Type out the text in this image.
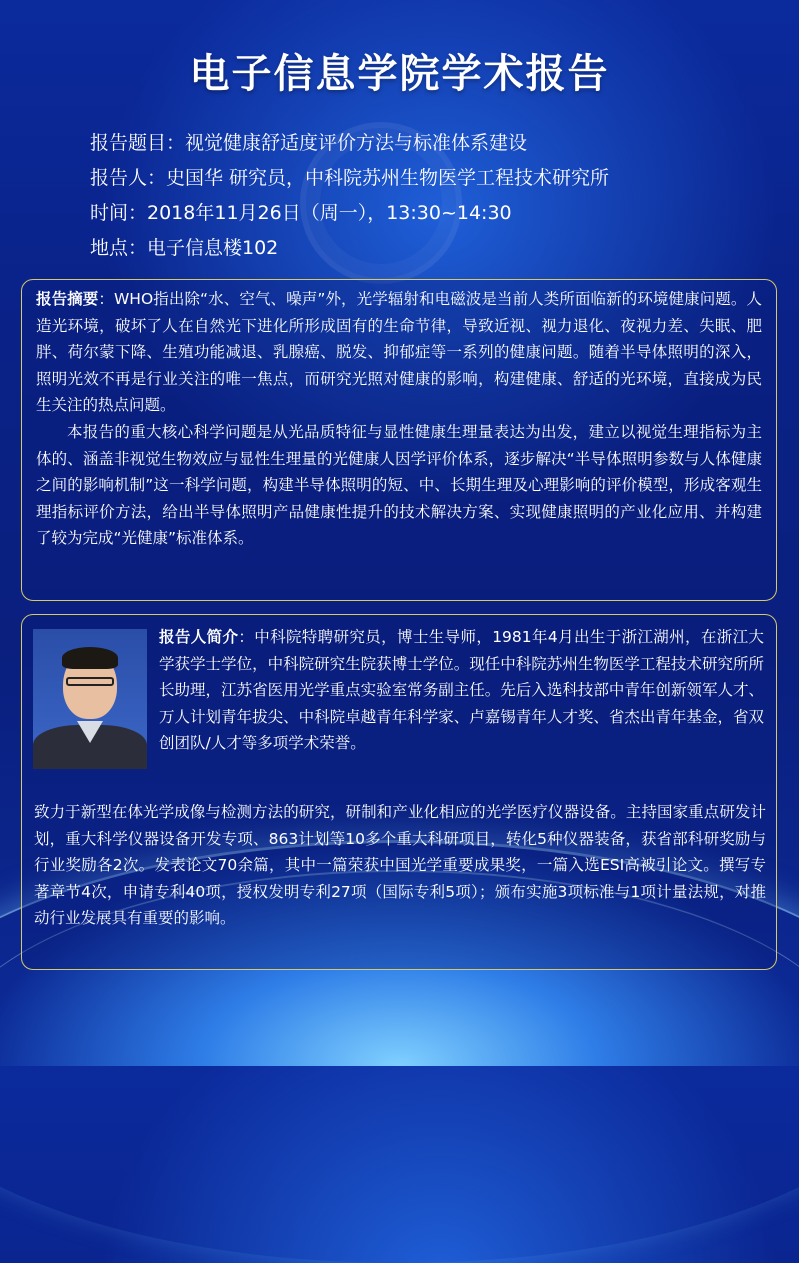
电子信息学院学术报告
报告题目：视觉健康舒适度评价方法与标准体系建设
报告人：史国华 研究员，中科院苏州生物医学工程技术研究所
时间：2018年11月26日（周一），13:30~14:30
地点：电子信息楼102

报告摘要：WHO指出除“水、空气、噪声”外，光学辐射和电磁波是当前人类所面临新的环境健康问题。人造光环境，破坏了人在自然光下进化所形成固有的生命节律，导致近视、视力退化、夜视力差、失眠、肥胖、荷尔蒙下降、生殖功能减退、乳腺癌、脱发、抑郁症等一系列的健康问题。随着半导体照明的深入，照明光效不再是行业关注的唯一焦点，而研究光照对健康的影响，构建健康、舒适的光环境，直接成为民生关注的热点问题。

本报告的重大核心科学问题是从光品质特征与显性健康生理量表达为出发，建立以视觉生理指标为主体的、涵盖非视觉生物效应与显性生理量的光健康人因学评价体系，逐步解决“半导体照明参数与人体健康之间的影响机制”这一科学问题，构建半导体照明的短、中、长期生理及心理影响的评价模型，形成客观生理指标评价方法，给出半导体照明产品健康性提升的技术解决方案、实现健康照明的产业化应用、并构建了较为完成“光健康”标准体系。

报告人简介：中科院特聘研究员，博士生导师，1981年4月出生于浙江湖州，在浙江大学获学士学位，中科院研究生院获博士学位。现任中科院苏州生物医学工程技术研究所所长助理，江苏省医用光学重点实验室常务副主任。先后入选科技部中青年创新领军人才、万人计划青年拔尖、中科院卓越青年科学家、卢嘉锡青年人才奖、省杰出青年基金，省双创团队/人才等多项学术荣誉。

致力于新型在体光学成像与检测方法的研究，研制和产业化相应的光学医疗仪器设备。主持国家重点研发计划，重大科学仪器设备开发专项、863计划等10多个重大科研项目，转化5种仪器装备，获省部科研奖励与行业奖励各2次。发表论文70余篇，其中一篇荣获中国光学重要成果奖，一篇入选ESI高被引论文。撰写专著章节4次，申请专利40项，授权发明专利27项（国际专利5项）；颁布实施3项标准与1项计量法规，对推动行业发展具有重要的影响。
